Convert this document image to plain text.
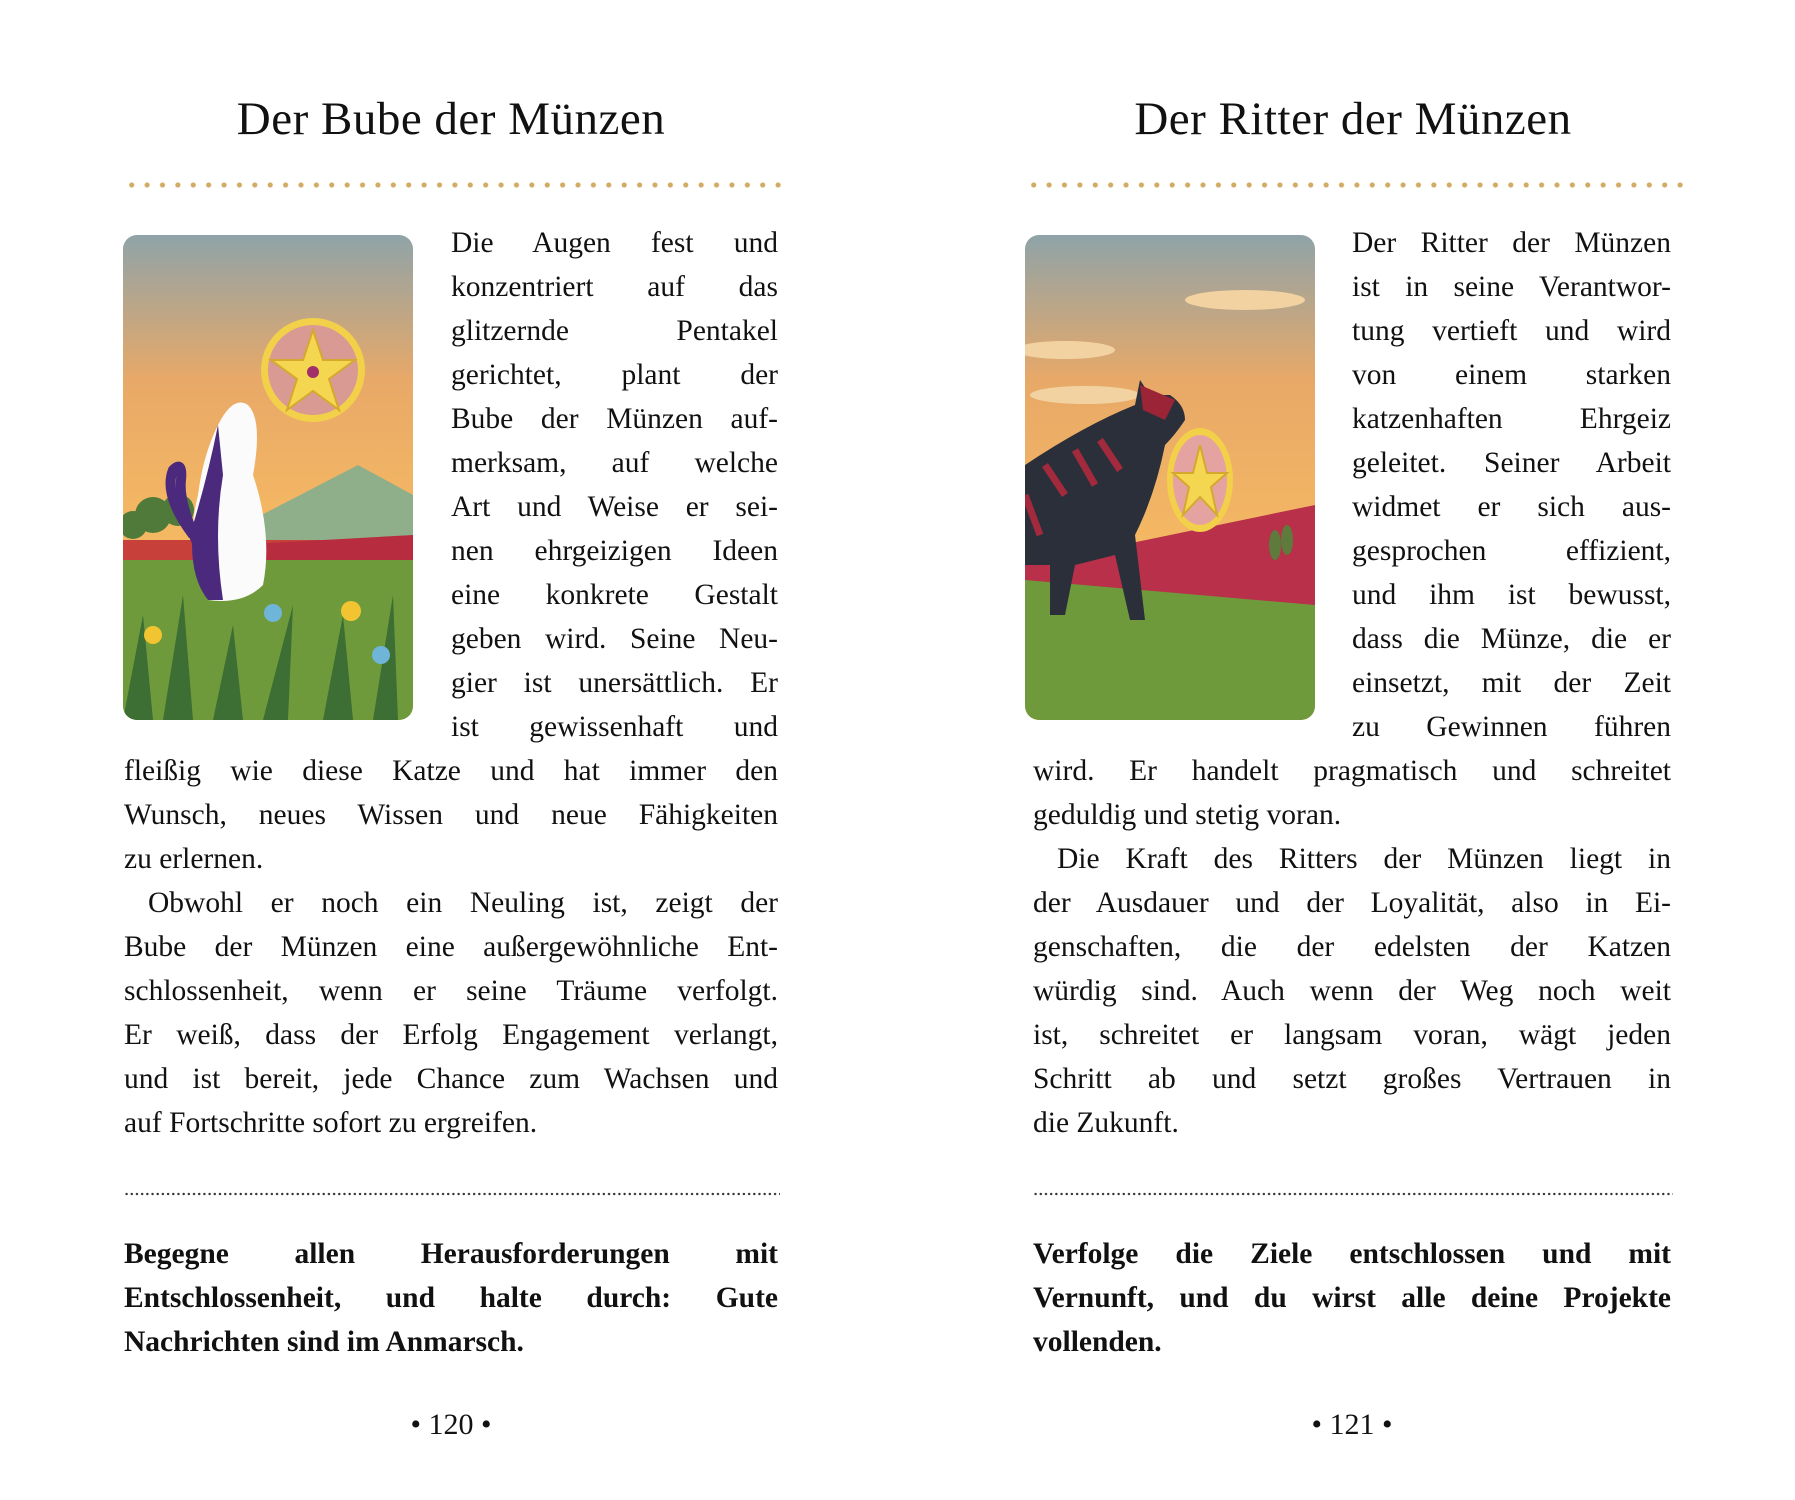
Der Bube der Münzen
Die Augen fest und
konzentriert auf das
glitzernde Pentakel
gerichtet, plant der
Bube der Münzen auf-
merksam, auf welche
Art und Weise er sei-
nen ehrgeizigen Ideen
eine konkrete Gestalt
geben wird. Seine Neu-
gier ist unersättlich. Er
ist gewissenhaft und
fleißig wie diese Katze und hat immer den
Wunsch, neues Wissen und neue Fähigkeiten
zu erlernen.
Obwohl er noch ein Neuling ist, zeigt der
Bube der Münzen eine außergewöhnliche Ent-
schlossenheit, wenn er seine Träume verfolgt.
Er weiß, dass der Erfolg Engagement verlangt,
und ist bereit, jede Chance zum Wachsen und
auf Fortschritte sofort zu ergreifen.
Begegne allen Herausforderungen mit
Entschlossenheit, und halte durch: Gute
Nachrichten sind im Anmarsch.
• 120 •
Der Ritter der Münzen
Der Ritter der Münzen
ist in seine Verantwor-
tung vertieft und wird
von einem starken
katzenhaften Ehrgeiz
geleitet. Seiner Arbeit
widmet er sich aus-
gesprochen effizient,
und ihm ist bewusst,
dass die Münze, die er
einsetzt, mit der Zeit
zu Gewinnen führen
wird. Er handelt pragmatisch und schreitet
geduldig und stetig voran.
Die Kraft des Ritters der Münzen liegt in
der Ausdauer und der Loyalität, also in Ei-
genschaften, die der edelsten der Katzen
würdig sind. Auch wenn der Weg noch weit
ist, schreitet er langsam voran, wägt jeden
Schritt ab und setzt großes Vertrauen in
die Zukunft.
Verfolge die Ziele entschlossen und mit
Vernunft, und du wirst alle deine Projekte
vollenden.
• 121 •
